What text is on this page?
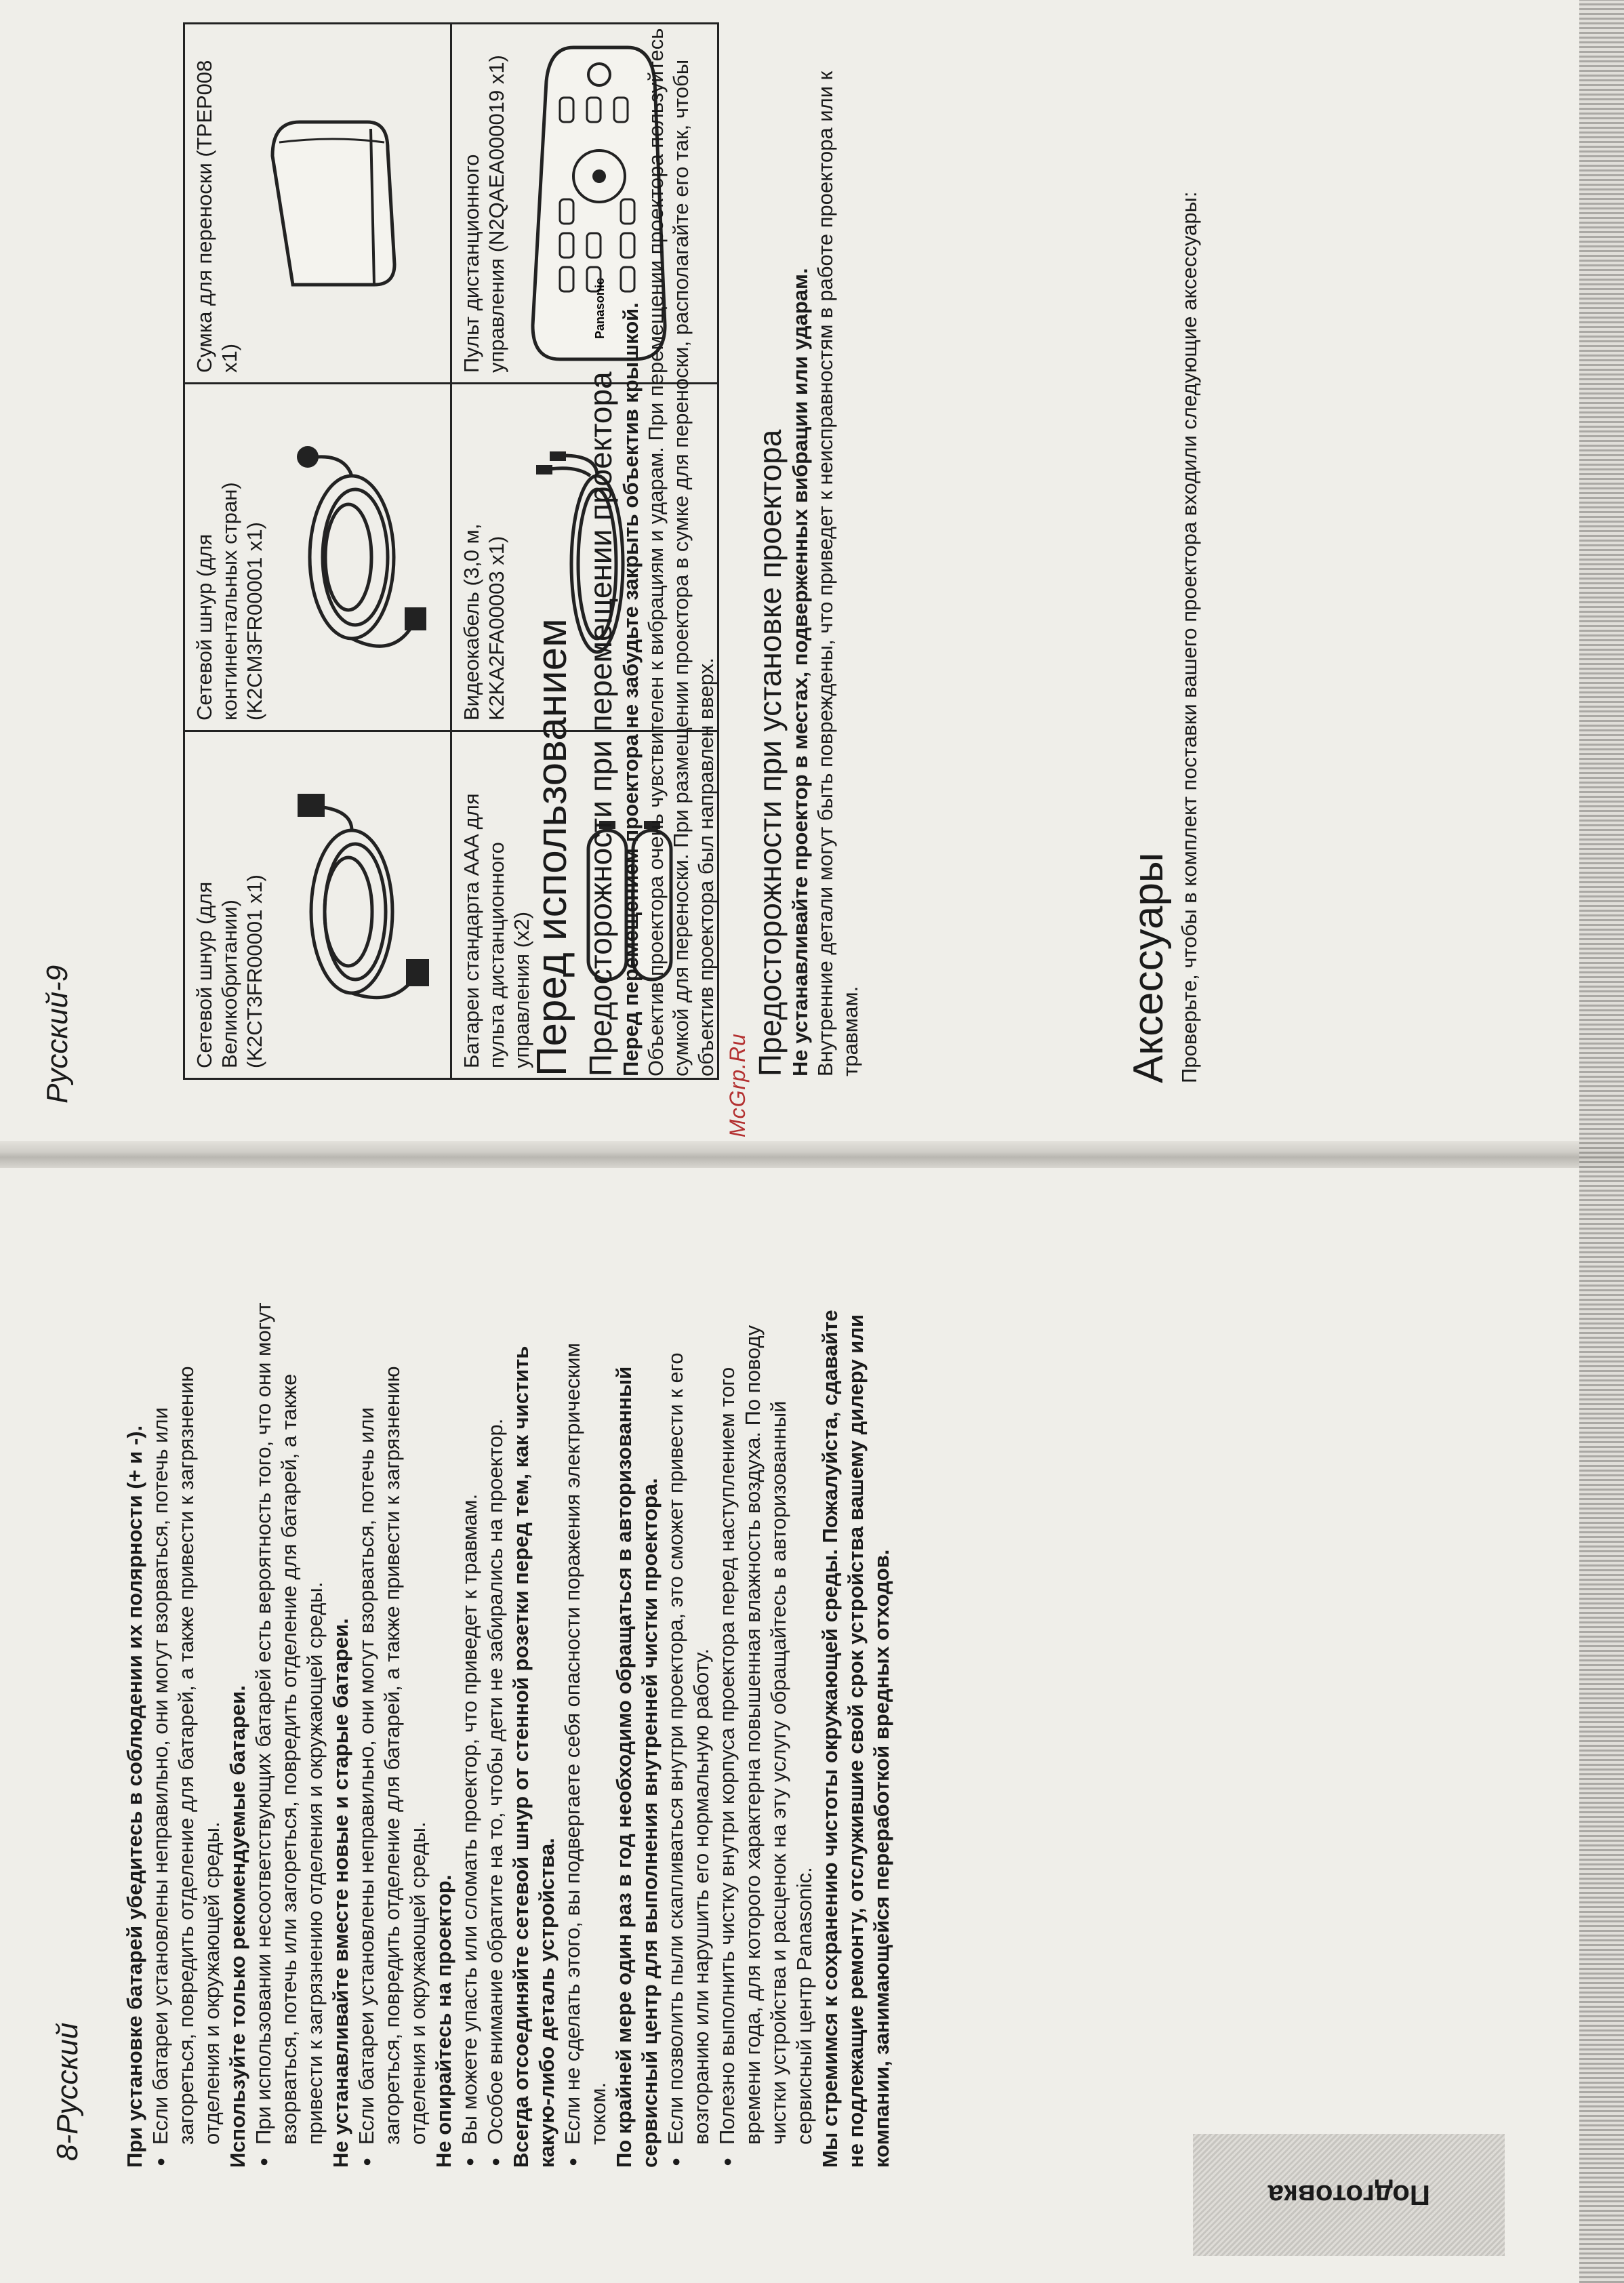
8-Русский При установке батарей убедитесь в соблюдении их полярности (+ и -). ● Если батареи установлены неправильно, они могут взорваться, потечь или загореться, повредить отделение для батарей, а также привести к загрязнению отделения и окружающей среды. Используйте только рекомендуемые батареи. ● При использовании несоответствующих батарей есть вероятность того, что они могут взорваться, потечь или загореться, повредить отделение для батарей, а также привести к загрязнению отделения и окружающей среды. Не устанавливайте вместе новые и старые батареи. ● Если батареи установлены неправильно, они могут взорваться, потечь или загореться, повредить отделение для батарей, а также привести к загрязнению отделения и окружающей среды. Не опирайтесь на проектор. ● Вы можете упасть или сломать проектор, что приведет к травмам. ● Особое внимание обратите на то, чтобы дети не забирались на проектор. Всегда отсоединяйте сетевой шнур от стенной розетки перед тем, как чистить какую-либо деталь устройства. ● Если не сделать этого, вы подвергаете себя опасности поражения электрическим током. По крайней мере один раз в год необходимо обращаться в авторизованный сервисный центр для выполнения внутренней чистки проектора. ● Если позволить пыли скапливаться внутри проектора, это сможет привести к его возгоранию или нарушить его нормальную работу. ● Полезно выполнить чистку внутри корпуса проектора перед наступлением того времени года, для которого характерна повышенная влажность воздуха. По поводу чистки устройства и расценок на эту услугу обращайтесь в авторизованный сервисный центр Panasonic. Мы стремимся к сохранению чистоты окружающей среды. Пожалуйста, сдавайте не подлежащие ремонту, отслужившие свой срок устройства вашему дилеру или компании, занимающейся переработкой вредных отходов.

Русский-9	McGrp.Ru
Подготовка
Аксессуары Проверьте, чтобы в комплект поставки вашего проектора входили следующие аксессуары:

Сетевой шнур (для Великобритании) (K2CT3FR00001 x1)	Сетевой шнур (для континентальных стран) (K2CM3FR00001 x1)	Сумка для переноски (TPEP008 x1)

Батареи стандарта AAA для пульта дистанционного управления (x2)	Видеокабель (3,0 м, K2KA2FA00003 x1)	Пульт дистанционного управления (N2QAEA000019 x1) Panasonic
Перед использованием Предосторожности при перемещении проектора Перед перемещением проектора не забудьте закрыть объектив крышкой. Объектив проектора очень чувствителен к вибрациям и ударам. При перемещении проектора пользуйтесь сумкой для переноски. При размещении проектора в сумке для переноски, располагайте его так, чтобы объектив проектора был направлен вверх. Предосторожности при установке проектора Не устанавливайте проектор в местах, подверженных вибрации или ударам. Внутренние детали могут быть повреждены, что приведет к неисправностям в работе проектора или к травмам.
